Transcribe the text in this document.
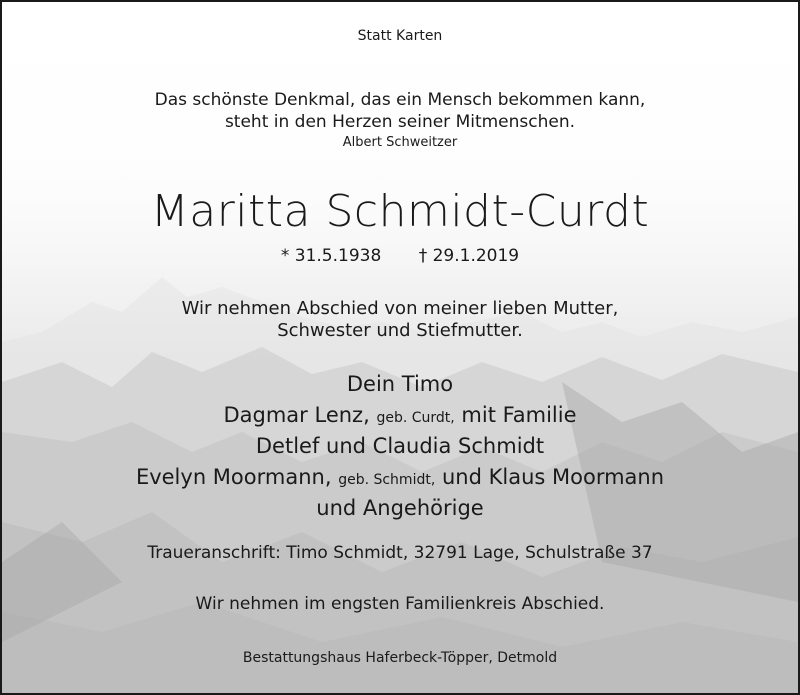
Statt Karten
Das schönste Denkmal, das ein Mensch bekommen kann,
steht in den Herzen seiner Mitmenschen.
Albert Schweitzer
Maritta Schmidt-Curdt
* 31.5.1938 † 29.1.2019
Wir nehmen Abschied von meiner lieben Mutter,
Schwester und Stiefmutter.
Dein Timo
Dagmar Lenz, geb. Curdt, mit Familie
Detlef und Claudia Schmidt
Evelyn Moormann, geb. Schmidt, und Klaus Moormann
und Angehörige
Traueranschrift: Timo Schmidt, 32791 Lage, Schulstraße 37
Wir nehmen im engsten Familienkreis Abschied.
Bestattungshaus Haferbeck-Töpper, Detmold
